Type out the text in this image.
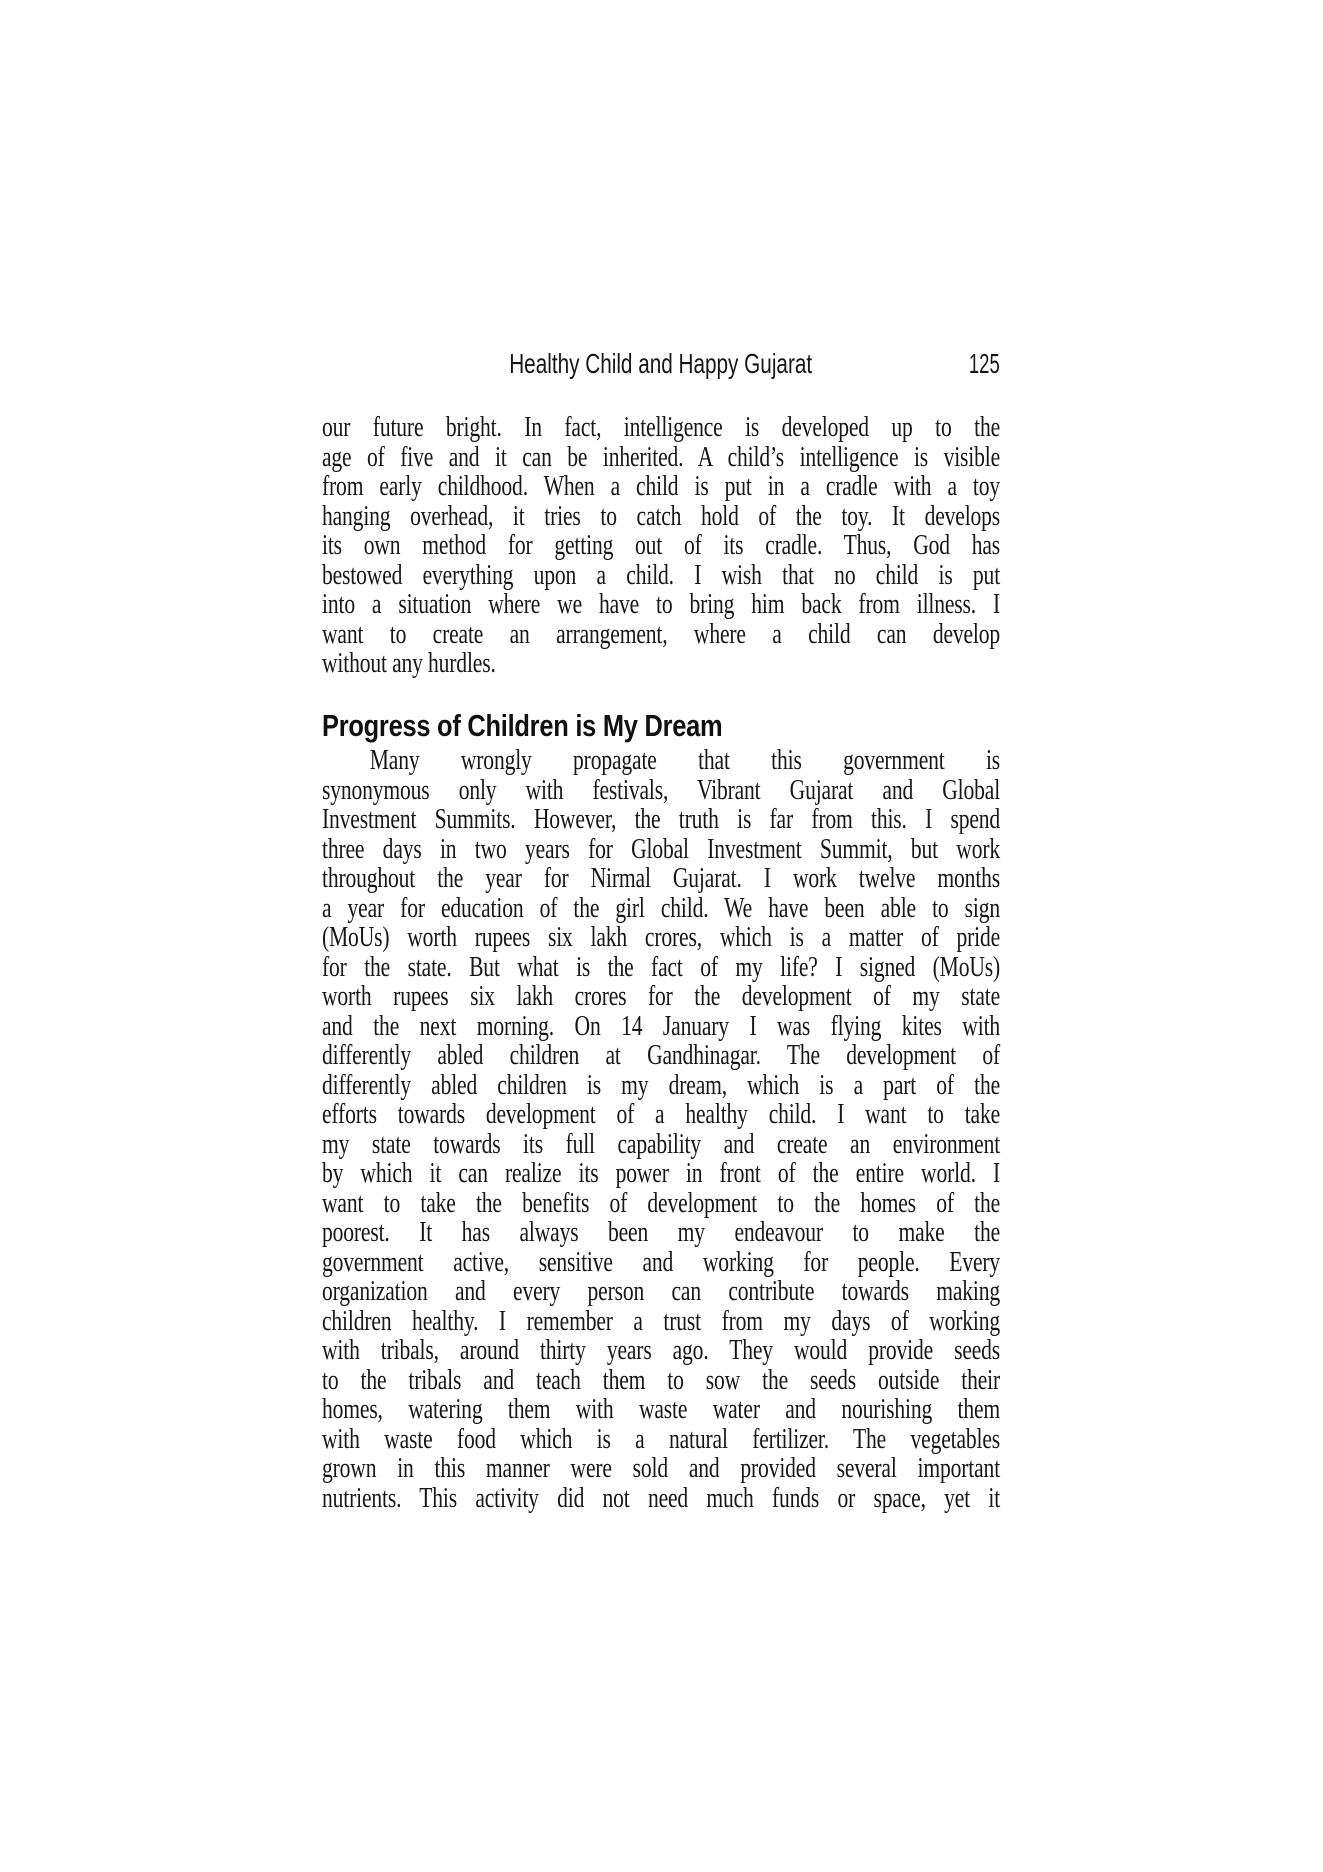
Healthy Child and Happy Gujarat	125
our future bright. In fact, intelligence is developed up to the
age of five and it can be inherited. A child’s intelligence is visible
from early childhood. When a child is put in a cradle with a toy
hanging overhead, it tries to catch hold of the toy. It develops
its own method for getting out of its cradle. Thus, God has
bestowed everything upon a child. I wish that no child is put
into a situation where we have to bring him back from illness. I
want to create an arrangement, where a child can develop
without any hurdles.
Progress of Children is My Dream
Many wrongly propagate that this government is
synonymous only with festivals, Vibrant Gujarat and Global
Investment Summits. However, the truth is far from this. I spend
three days in two years for Global Investment Summit, but work
throughout the year for Nirmal Gujarat. I work twelve months
a year for education of the girl child. We have been able to sign
(MoUs) worth rupees six lakh crores, which is a matter of pride
for the state. But what is the fact of my life? I signed (MoUs)
worth rupees six lakh crores for the development of my state
and the next morning. On 14 January I was flying kites with
differently abled children at Gandhinagar. The development of
differently abled children is my dream, which is a part of the
efforts towards development of a healthy child. I want to take
my state towards its full capability and create an environment
by which it can realize its power in front of the entire world. I
want to take the benefits of development to the homes of the
poorest. It has always been my endeavour to make the
government active, sensitive and working for people. Every
organization and every person can contribute towards making
children healthy. I remember a trust from my days of working
with tribals, around thirty years ago. They would provide seeds
to the tribals and teach them to sow the seeds outside their
homes, watering them with waste water and nourishing them
with waste food which is a natural fertilizer. The vegetables
grown in this manner were sold and provided several important
nutrients. This activity did not need much funds or space, yet it
